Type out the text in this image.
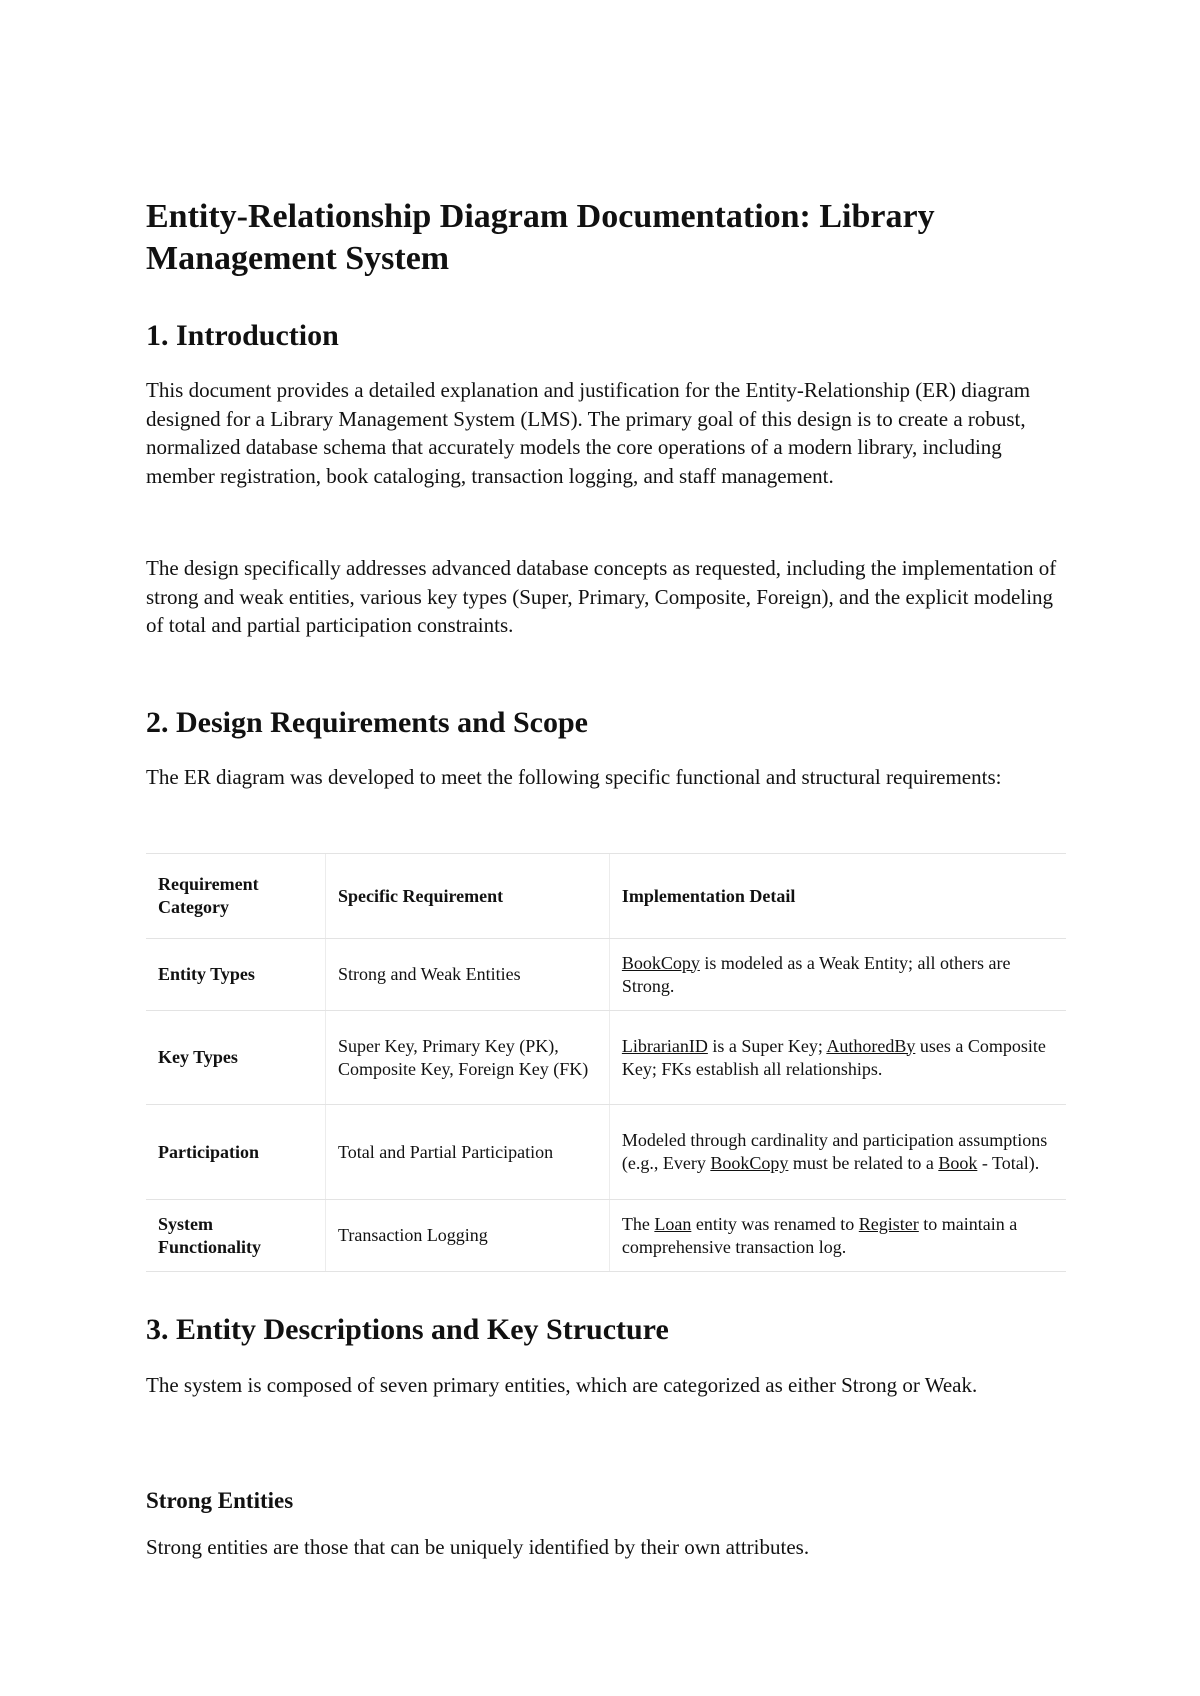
Entity-Relationship Diagram Documentation: Library Management System
1. Introduction

This document provides a detailed explanation and justification for the Entity-Relationship (ER) diagram designed for a Library Management System (LMS). The primary goal of this design is to create a robust, normalized database schema that accurately models the core operations of a modern library, including member registration, book cataloging, transaction logging, and staff management.

The design specifically addresses advanced database concepts as requested, including the implementation of strong and weak entities, various key types (Super, Primary, Composite, Foreign), and the explicit modeling of total and partial participation constraints.

2. Design Requirements and Scope

The ER diagram was developed to meet the following specific functional and structural requirements:

Requirement Category	Specific Requirement	Implementation Detail
Entity Types	Strong and Weak Entities	BookCopy is modeled as a Weak Entity; all others are Strong.
Key Types	Super Key, Primary Key (PK), Composite Key, Foreign Key (FK)	LibrarianID is a Super Key; AuthoredBy uses a Composite Key; FKs establish all relationships.
Participation	Total and Partial Participation	Modeled through cardinality and participation assumptions (e.g., Every BookCopy must be related to a Book - Total).
System Functionality	Transaction Logging	The Loan entity was renamed to Register to maintain a comprehensive transaction log.
3. Entity Descriptions and Key Structure

The system is composed of seven primary entities, which are categorized as either Strong or Weak.

Strong Entities

Strong entities are those that can be uniquely identified by their own attributes.
